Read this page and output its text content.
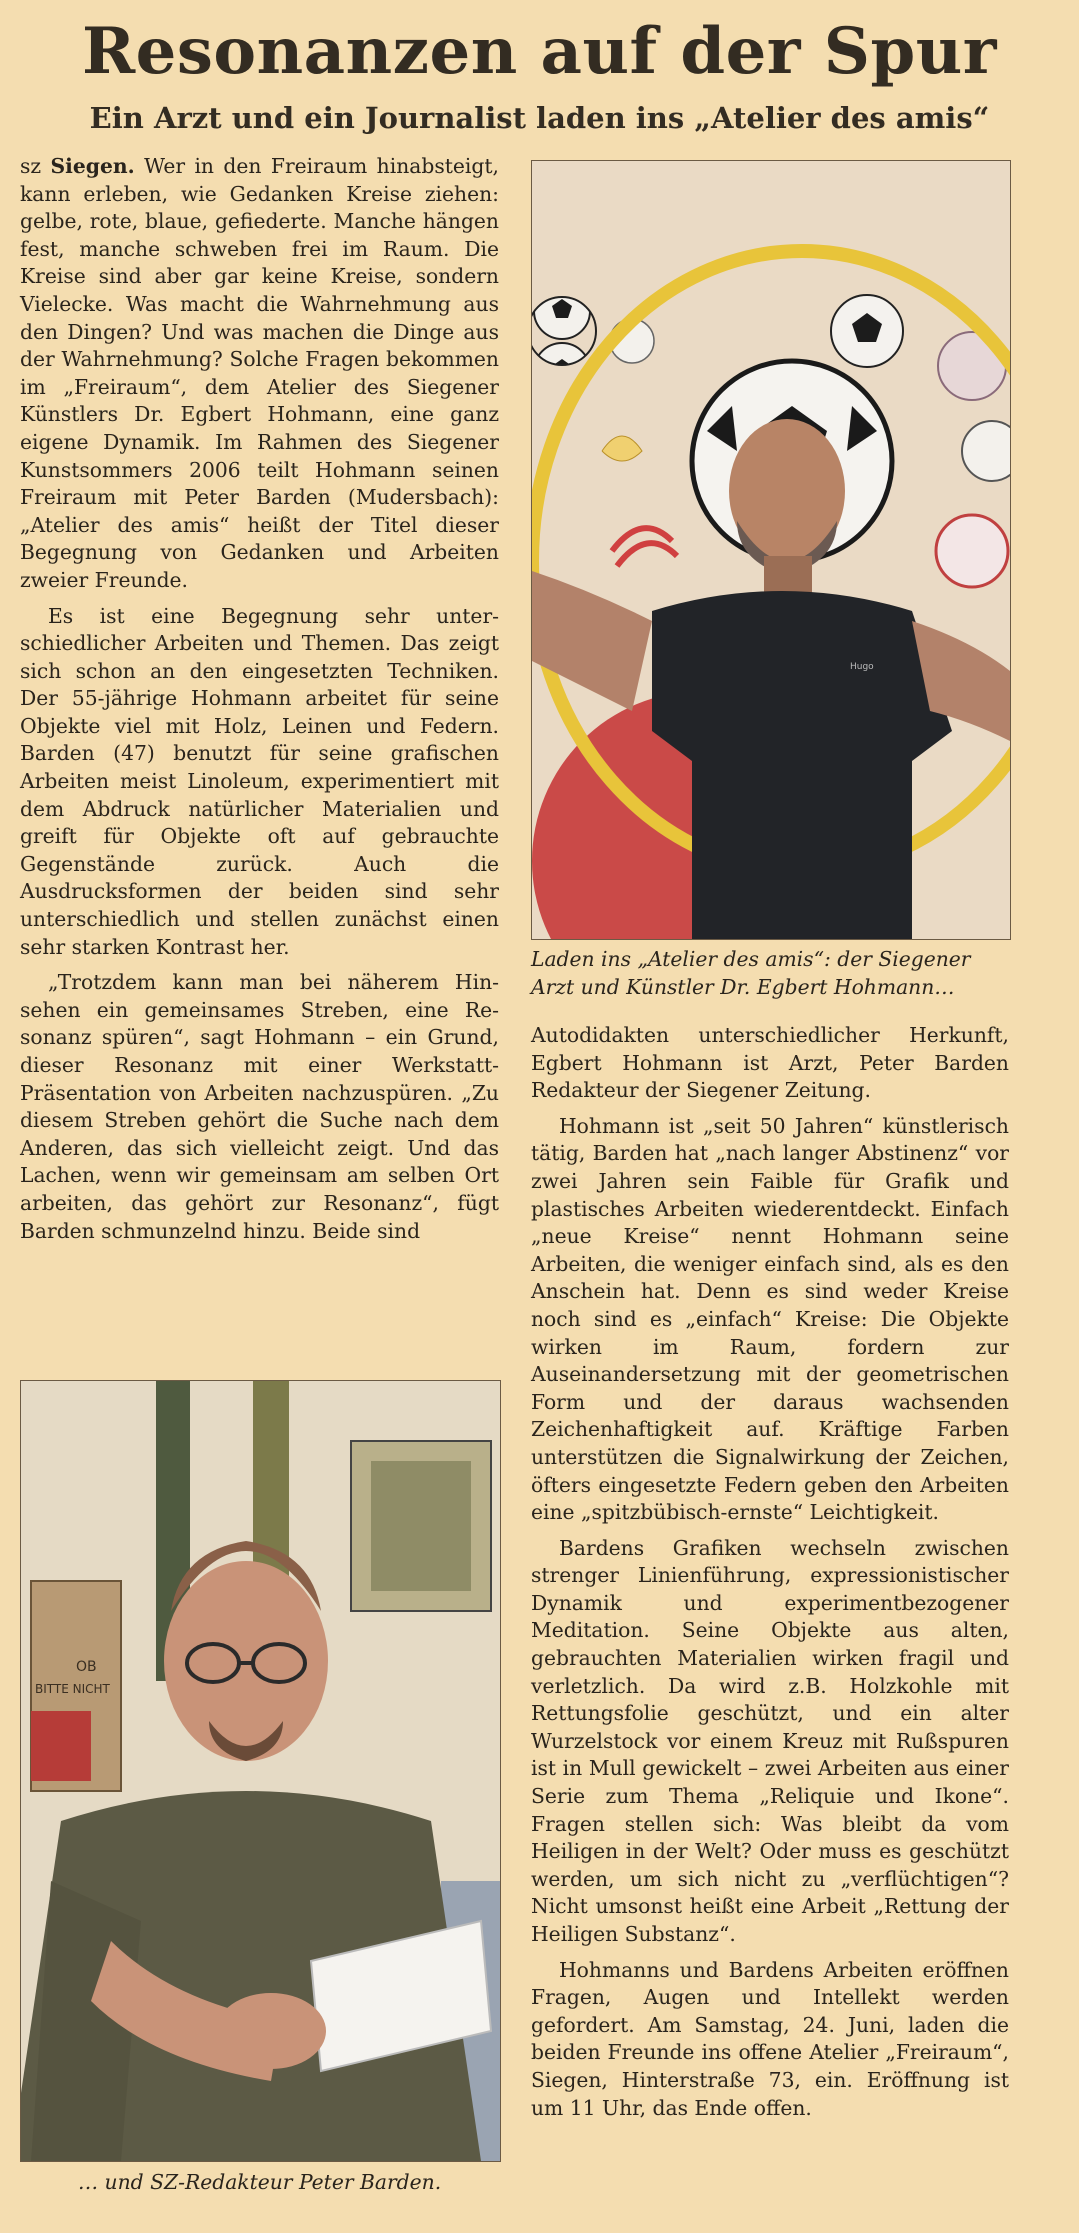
Resonanzen auf der Spur
Ein Arzt und ein Journalist laden ins „Atelier des amis“

sz Siegen. Wer in den Freiraum hinabsteigt, kann erleben, wie Gedanken Kreise ziehen: gelbe, rote, blaue, gefiederte. Manche hängen fest, manche schweben frei im Raum. Die Kreise sind aber gar keine Kreise, sondern Vielecke. Was macht die Wahrnehmung aus den Dingen? Und was machen die Dinge aus der Wahrnehmung? Solche Fragen bekommen im „Freiraum“, dem Atelier des Siegener Künstlers Dr. Egbert Hohmann, eine ganz eigene Dynamik. Im Rahmen des Siegener Kunstsommers 2006 teilt Hohmann seinen Freiraum mit Peter Barden (Mudersbach): „Atelier des amis“ heißt der Titel dieser Begegnung von Gedanken und Arbeiten zweier Freunde.

Es ist eine Begegnung sehr unterschiedlicher Arbeiten und Themen. Das zeigt sich schon an den eingesetzten Techniken. Der 55-jährige Hohmann arbeitet für seine Objekte viel mit Holz, Leinen und Federn. Barden (47) benutzt für seine grafischen Arbeiten meist Linoleum, experimentiert mit dem Abdruck natürlicher Materialien und greift für Objekte oft auf gebrauchte Gegenstände zurück. Auch die Ausdrucksformen der beiden sind sehr unterschiedlich und stellen zunächst einen sehr starken Kontrast her.

„Trotzdem kann man bei näherem Hinsehen ein gemeinsames Streben, eine Resonanz spüren“, sagt Hohmann – ein Grund, dieser Resonanz mit einer Werkstatt-Präsentation von Arbeiten nachzuspüren. „Zu diesem Streben gehört die Suche nach dem Anderen, das sich vielleicht zeigt. Und das Lachen, wenn wir gemeinsam am selben Ort arbeiten, das gehört zur Resonanz“, fügt Barden schmunzelnd hinzu. Beide sind

Hugo
Laden ins „Atelier des amis“: der Siegener Arzt und Künstler Dr. Egbert Hohmann…

Autodidakten unterschiedlicher Herkunft, Egbert Hohmann ist Arzt, Peter Barden Redakteur der Siegener Zeitung.

Hohmann ist „seit 50 Jahren“ künstlerisch tätig, Barden hat „nach langer Abstinenz“ vor zwei Jahren sein Faible für Grafik und plastisches Arbeiten wiederentdeckt. Einfach „neue Kreise“ nennt Hohmann seine Arbeiten, die weniger einfach sind, als es den Anschein hat. Denn es sind weder Kreise noch sind es „einfach“ Kreise: Die Objekte wirken im Raum, fordern zur Auseinandersetzung mit der geometrischen Form und der daraus wachsenden Zeichenhaftigkeit auf. Kräftige Farben unterstützen die Signalwirkung der Zeichen, öfters eingesetzte Federn geben den Arbeiten eine „spitzbübisch-ernste“ Leichtigkeit.

Bardens Grafiken wechseln zwischen strenger Linienführung, expressionistischer Dynamik und experimentbezogener Meditation. Seine Objekte aus alten, gebrauchten Materialien wirken fragil und verletzlich. Da wird z.B. Holzkohle mit Rettungsfolie geschützt, und ein alter Wurzelstock vor einem Kreuz mit Rußspuren ist in Mull gewickelt – zwei Arbeiten aus einer Serie zum Thema „Reliquie und Ikone“. Fragen stellen sich: Was bleibt da vom Heiligen in der Welt? Oder muss es geschützt werden, um sich nicht zu „verflüchtigen“? Nicht umsonst heißt eine Arbeit „Rettung der Heiligen Substanz“.

Hohmanns und Bardens Arbeiten eröffnen Fragen, Augen und Intellekt werden gefordert. Am Samstag, 24. Juni, laden die beiden Freunde ins offene Atelier „Freiraum“, Siegen, Hinterstraße 73, ein. Eröffnung ist um 11 Uhr, das Ende offen.

OB
BITTE NICHT
… und SZ-Redakteur Peter Barden.
